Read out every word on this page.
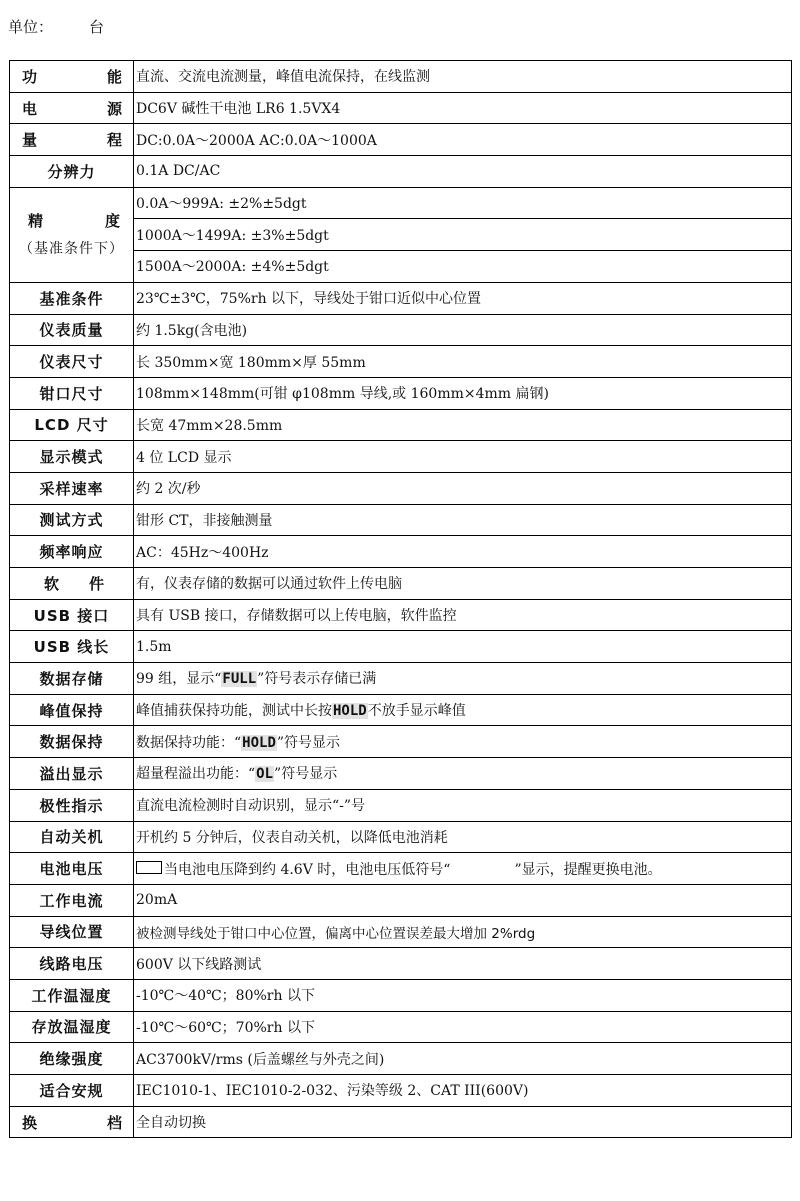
单位： 台
功 能	直流、交流电流测量，峰值电流保持，在线监测

电 源	DC6V 碱性干电池 LR6 1.5VX4

量 程	DC:0.0A～2000A AC:0.0A～1000A
分辨力	0.1A DC/AC

精 度
（基准条件下）	0.0A～999A: ±2%±5dgt
	1000A～1499A: ±3%±5dgt
	1500A～2000A: ±4%±5dgt
基准条件	23℃±3℃，75%rh 以下，导线处于钳口近似中心位置
仪表质量	约 1.5kg(含电池)
仪表尺寸	长 350mm×宽 180mm×厚 55mm
钳口尺寸	108mm×148mm(可钳 φ108mm 导线,或 160mm×4mm 扁钢)
LCD 尺寸	长宽 47mm×28.5mm
显示模式	4 位 LCD 显示
采样速率	约 2 次/秒
测试方式	钳形 CT，非接触测量
频率响应	AC：45Hz～400Hz

软 件	有，仪表存储的数据可以通过软件上传电脑
USB 接口	具有 USB 接口，存储数据可以上传电脑，软件监控
USB 线长	1.5m
数据存储	99 组，显示“FULL”符号表示存储已满
峰值保持	峰值捕获保持功能，测试中长按HOLD不放手显示峰值
数据保持	数据保持功能：“HOLD”符号显示
溢出显示	超量程溢出功能：“OL”符号显示
极性指示	直流电流检测时自动识别，显示“-”号
自动关机	开机约 5 分钟后，仪表自动关机，以降低电池消耗
电池电压	当电池电压降到约 4.6V 时，电池电压低符号“ ”显示，提醒更换电池。
工作电流	20mA
导线位置	被检测导线处于钳口中心位置，偏离中心位置误差最大增加 2%rdg
线路电压	600V 以下线路测试
工作温湿度	-10℃～40℃；80%rh 以下
存放温湿度	-10℃～60℃；70%rh 以下
绝缘强度	AC3700kV/rms (后盖螺丝与外壳之间)
适合安规	IEC1010-1、IEC1010-2-032、污染等级 2、CAT III(600V)

换 档	全自动切换
